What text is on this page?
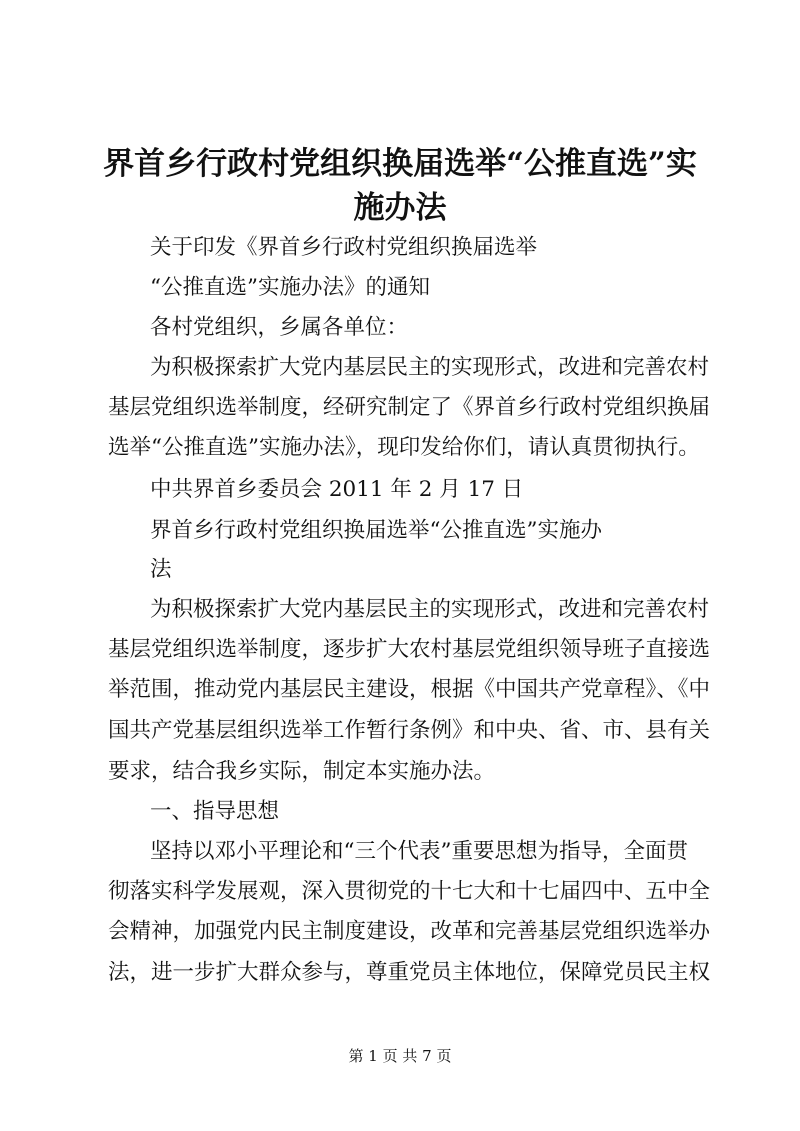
界首乡行政村党组织换届选举“公推直选”实
施办法

关于印发《界首乡行政村党组织换届选举

“公推直选”实施办法》的通知

各村党组织，乡属各单位：

为积极探索扩大党内基层民主的实现形式，改进和完善农村

基层党组织选举制度，经研究制定了《界首乡行政村党组织换届

选举“公推直选”实施办法》，现印发给你们，请认真贯彻执行。

中共界首乡委员会 2011 年 2 月 17 日

界首乡行政村党组织换届选举“公推直选”实施办

法

为积极探索扩大党内基层民主的实现形式，改进和完善农村

基层党组织选举制度，逐步扩大农村基层党组织领导班子直接选

举范围，推动党内基层民主建设，根据《中国共产党章程》、《中

国共产党基层组织选举工作暂行条例》和中央、省、市、县有关

要求，结合我乡实际，制定本实施办法。

一、指导思想

坚持以邓小平理论和“三个代表”重要思想为指导，全面贯

彻落实科学发展观，深入贯彻党的十七大和十七届四中、五中全

会精神，加强党内民主制度建设，改革和完善基层党组织选举办

法，进一步扩大群众参与，尊重党员主体地位，保障党员民主权

第 1 页 共 7 页
